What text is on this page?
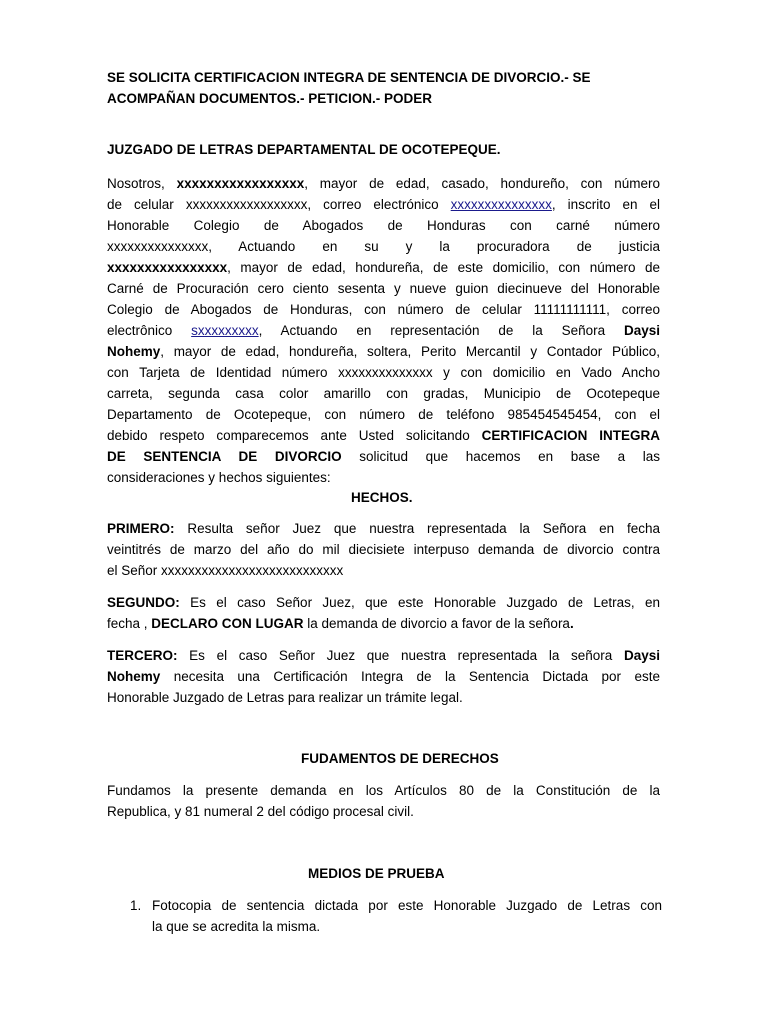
SE SOLICITA CERTIFICACION INTEGRA DE SENTENCIA DE DIVORCIO.- SE
ACOMPAÑAN DOCUMENTOS.- PETICION.- PODER
JUZGADO DE LETRAS DEPARTAMENTAL DE OCOTEPEQUE.
Nosotros, xxxxxxxxxxxxxxxxx, mayor de edad, casado, hondureño, con número
de celular xxxxxxxxxxxxxxxxxx, correo electrónico xxxxxxxxxxxxxxx, inscrito en el
Honorable Colegio de Abogados de Honduras con carné número
xxxxxxxxxxxxxxx, Actuando en su y la procuradora de justicia
xxxxxxxxxxxxxxxx, mayor de edad, hondureña, de este domicilio, con número de
Carné de Procuración cero ciento sesenta y nueve guion diecinueve del Honorable
Colegio de Abogados de Honduras, con número de celular 11111111111, correo
electrônico sxxxxxxxxx, Actuando en representación de la Señora Daysi
Nohemy, mayor de edad, hondureña, soltera, Perito Mercantil y Contador Público,
con Tarjeta de Identidad número xxxxxxxxxxxxxx y con domicilio en Vado Ancho
carreta, segunda casa color amarillo con gradas, Municipio de Ocotepeque
Departamento de Ocotepeque, con número de teléfono 985454545454, con el
debido respeto comparecemos ante Usted solicitando CERTIFICACION INTEGRA
DE SENTENCIA DE DIVORCIO solicitud que hacemos en base a las
consideraciones y hechos siguientes:
HECHOS.
PRIMERO: Resulta señor Juez que nuestra representada la Señora en fecha
veintitrés de marzo del año do mil diecisiete interpuso demanda de divorcio contra
el Señor xxxxxxxxxxxxxxxxxxxxxxxxxxx
SEGUNDO: Es el caso Señor Juez, que este Honorable Juzgado de Letras, en
fecha , DECLARO CON LUGAR la demanda de divorcio a favor de la señora.
TERCERO: Es el caso Señor Juez que nuestra representada la señora Daysi
Nohemy necesita una Certificación Integra de la Sentencia Dictada por este
Honorable Juzgado de Letras para realizar un trámite legal.
FUDAMENTOS DE DERECHOS
Fundamos la presente demanda en los Artículos 80 de la Constitución de la
Republica, y 81 numeral 2 del código procesal civil.
MEDIOS DE PRUEBA
1. Fotocopia de sentencia dictada por este Honorable Juzgado de Letras con
la que se acredita la misma.
